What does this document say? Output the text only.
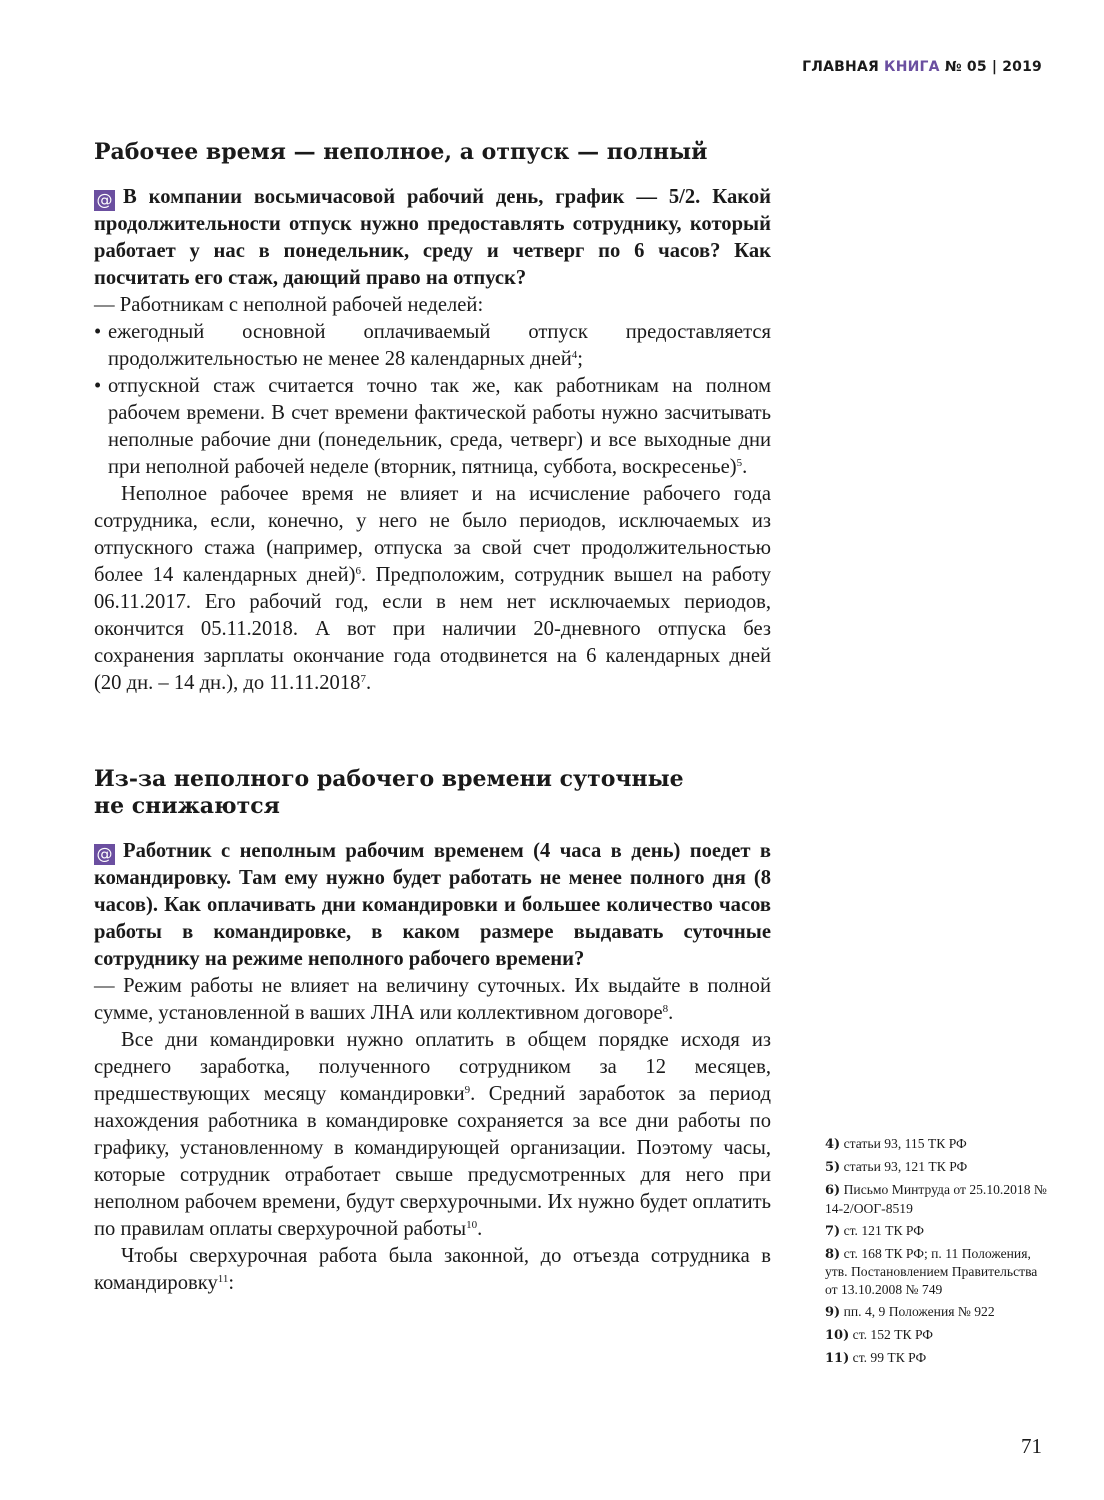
ГЛАВНАЯ КНИГА № 05 | 2019
Рабочее время — неполное, а отпуск — полный

@ В компании восьмичасовой рабочий день, график — 5/2. Какой продолжительности отпуск нужно предоставлять сотруднику, который работает у нас в понедельник, среду и четверг по 6 часов? Как посчитать его стаж, дающий право на отпуск?

— Работникам с неполной рабочей неделей:

• ежегодный основной оплачиваемый отпуск предоставляется продолжительностью не менее 28 календарных дней$^4$;
• отпускной стаж считается точно так же, как работникам на полном рабочем времени. В счет времени фактической работы нужно засчитывать неполные рабочие дни (понедельник, среда, четверг) и все выходные дни при неполной рабочей неделе (вторник, пятница, суббота, воскресенье)$^5$.

Неполное рабочее время не влияет и на исчисление рабочего года сотрудника, если, конечно, у него не было периодов, исключаемых из отпускного стажа (например, отпуска за свой счет продолжительностью более 14 календарных дней)$^6$. Предположим, сотрудник вышел на работу 06.11.2017. Его рабочий год, если в нем нет исключаемых периодов, окончится 05.11.2018. А вот при наличии 20-дневного отпуска без сохранения зарплаты окончание года отодвинется на 6 календарных дней (20 дн. – 14 дн.), до 11.11.2018$^7$.

Из-за неполного рабочего времени суточные не снижаются

@ Работник с неполным рабочим временем (4 часа в день) поедет в командировку. Там ему нужно будет работать не менее полного дня (8 часов). Как оплачивать дни командировки и большее количество часов работы в командировке, в каком размере выдавать суточные сотруднику на режиме неполного рабочего времени?

— Режим работы не влияет на величину суточных. Их выдайте в полной сумме, установленной в ваших ЛНА или коллективном договоре$^8$.

Все дни командировки нужно оплатить в общем порядке исходя из среднего заработка, полученного сотрудником за 12 месяцев, предшествующих месяцу командировки$^9$. Средний заработок за период нахождения работника в командировке сохраняется за все дни работы по графику, установленному в командирующей организации. Поэтому часы, которые сотрудник отработает свыше предусмотренных для него при неполном рабочем времени, будут сверхурочными. Их нужно будет оплатить по правилам оплаты сверхурочной работы$^{10}$.

Чтобы сверхурочная работа была законной, до отъезда сотрудника в командировку$^{11}$:

4) статьи 93, 115 ТК РФ
5) статьи 93, 121 ТК РФ
6) Письмо Минтруда от 25.10.2018 № 14-2/ООГ-8519
7) ст. 121 ТК РФ
8) ст. 168 ТК РФ; п. 11 Положения, утв. Постановлением Правительства от 13.10.2008 № 749
9) пп. 4, 9 Положения № 922
10) ст. 152 ТК РФ
11) ст. 99 ТК РФ
71
